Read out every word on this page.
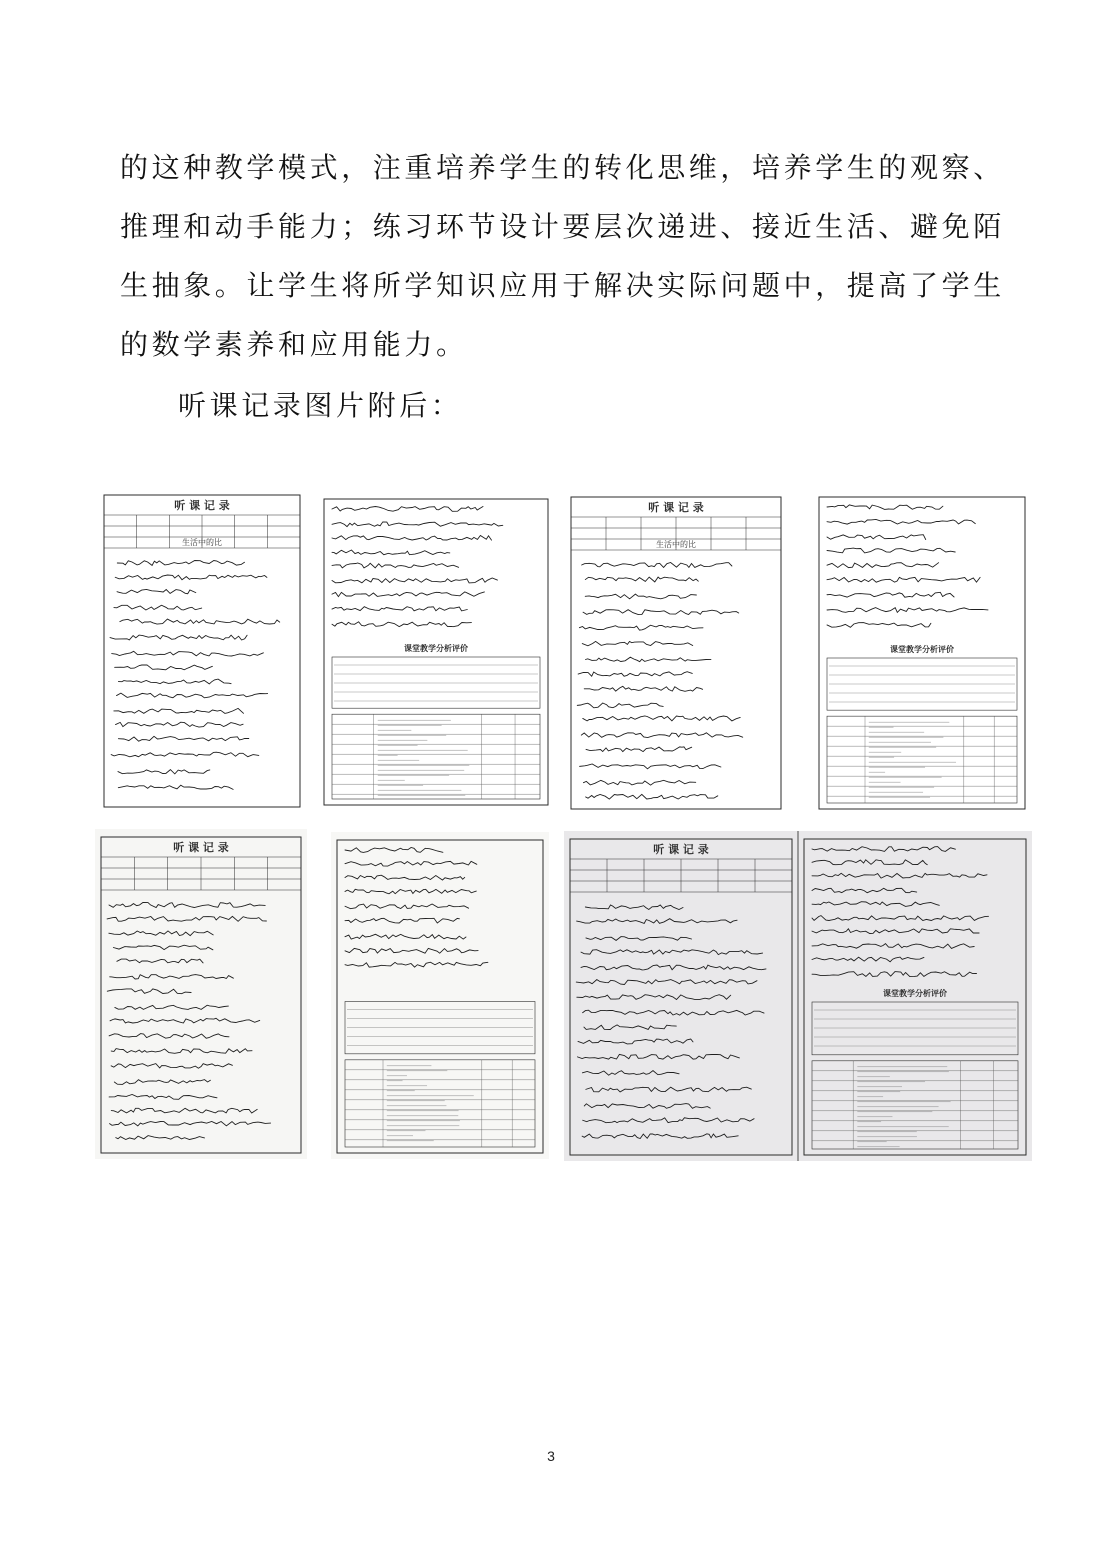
的这种教学模式，注重培养学生的转化思维，培养学生的观察、
推理和动手能力；练习环节设计要层次递进、接近生活、避免陌
生抽象。让学生将所学知识应用于解决实际问题中，提高了学生
的数学素养和应用能力。
听课记录图片附后：
听 课 记 录
生活中的比
课堂教学分析评价
听 课 记 录
生活中的比
课堂教学分析评价
听 课 记 录	听 课 记 录
课堂教学分析评价
3
